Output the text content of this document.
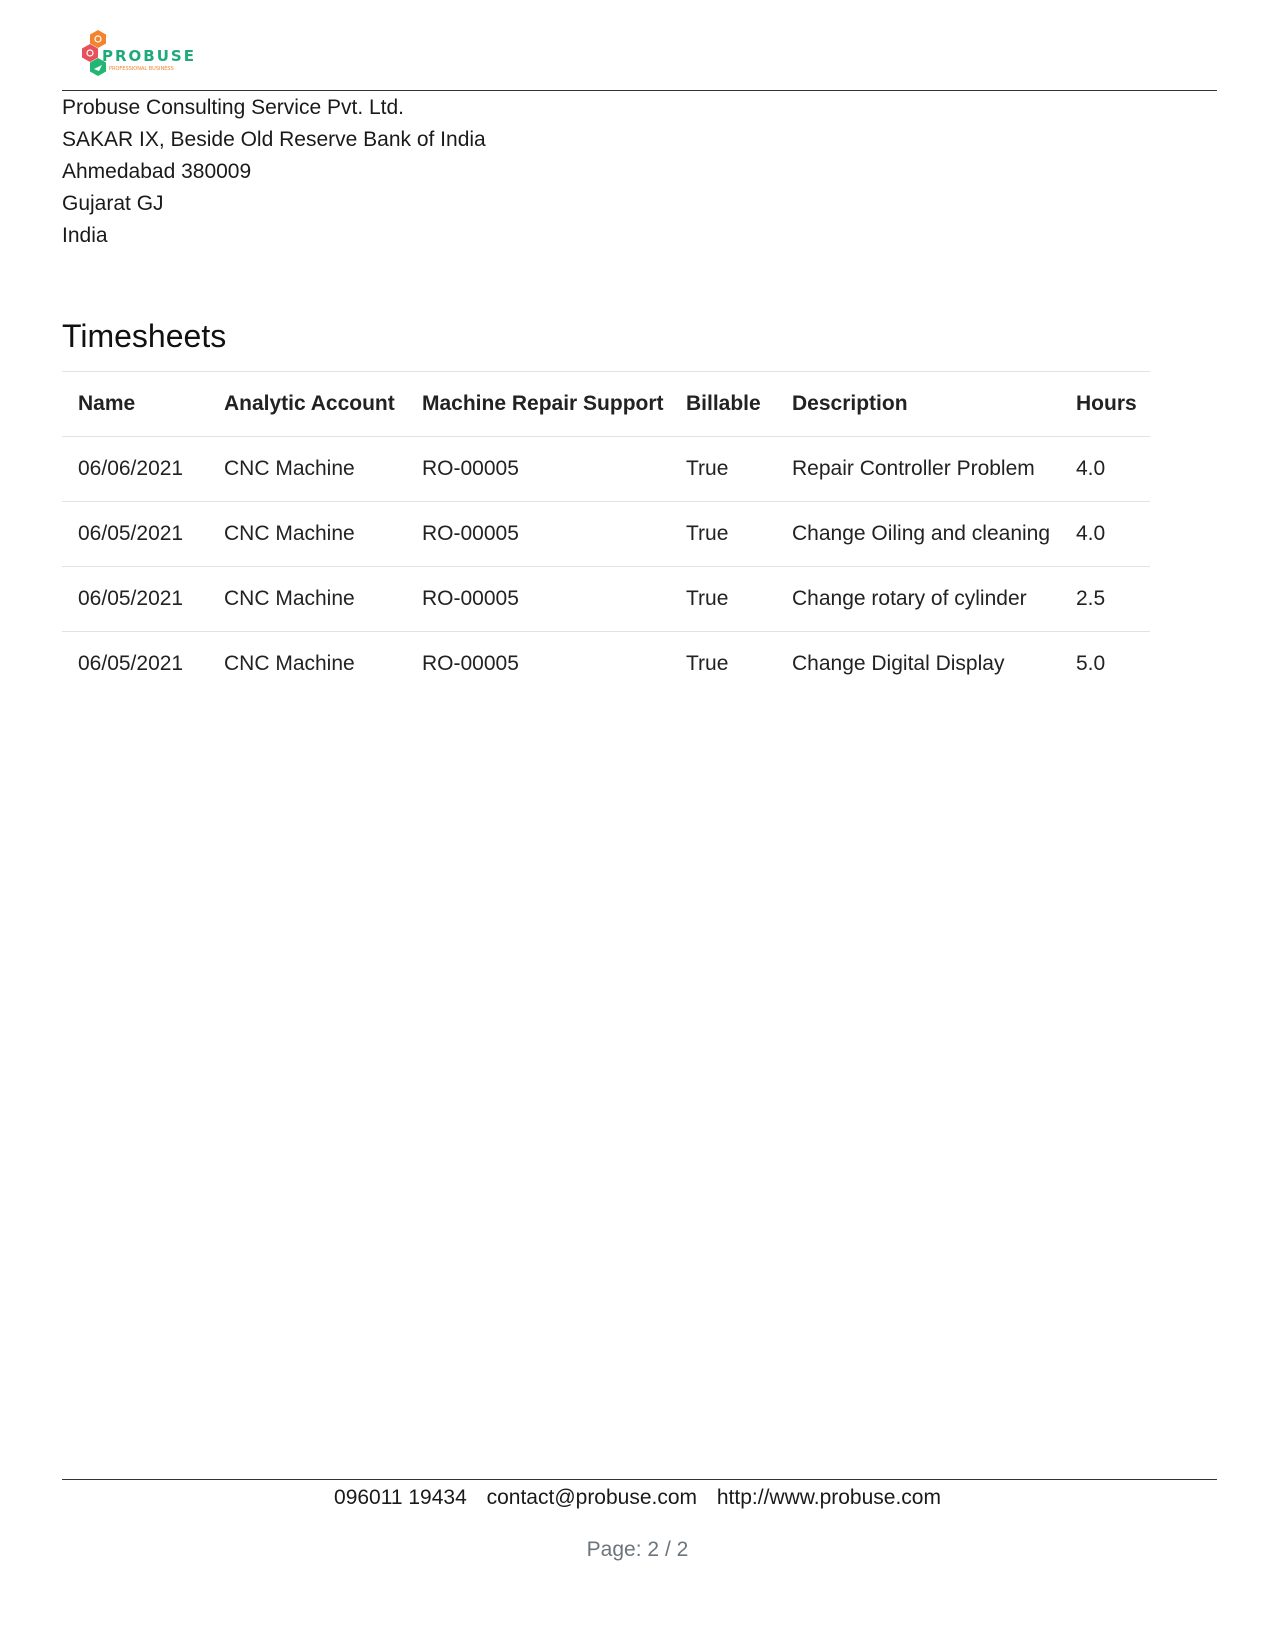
PROBUSE
PROFESSIONAL BUSINESS
Probuse Consulting Service Pvt. Ltd.
SAKAR IX, Beside Old Reserve Bank of India
Ahmedabad 380009
Gujarat GJ
India
Timesheets
Name	Analytic Account	Machine Repair Support	Billable	Description	Hours
06/06/2021	CNC Machine	RO-00005	True	Repair Controller Problem	4.0
06/05/2021	CNC Machine	RO-00005	True	Change Oiling and cleaning	4.0
06/05/2021	CNC Machine	RO-00005	True	Change rotary of cylinder	2.5
06/05/2021	CNC Machine	RO-00005	True	Change Digital Display	5.0
096011 19434 contact@probuse.com http://www.probuse.com
Page: 2 / 2
